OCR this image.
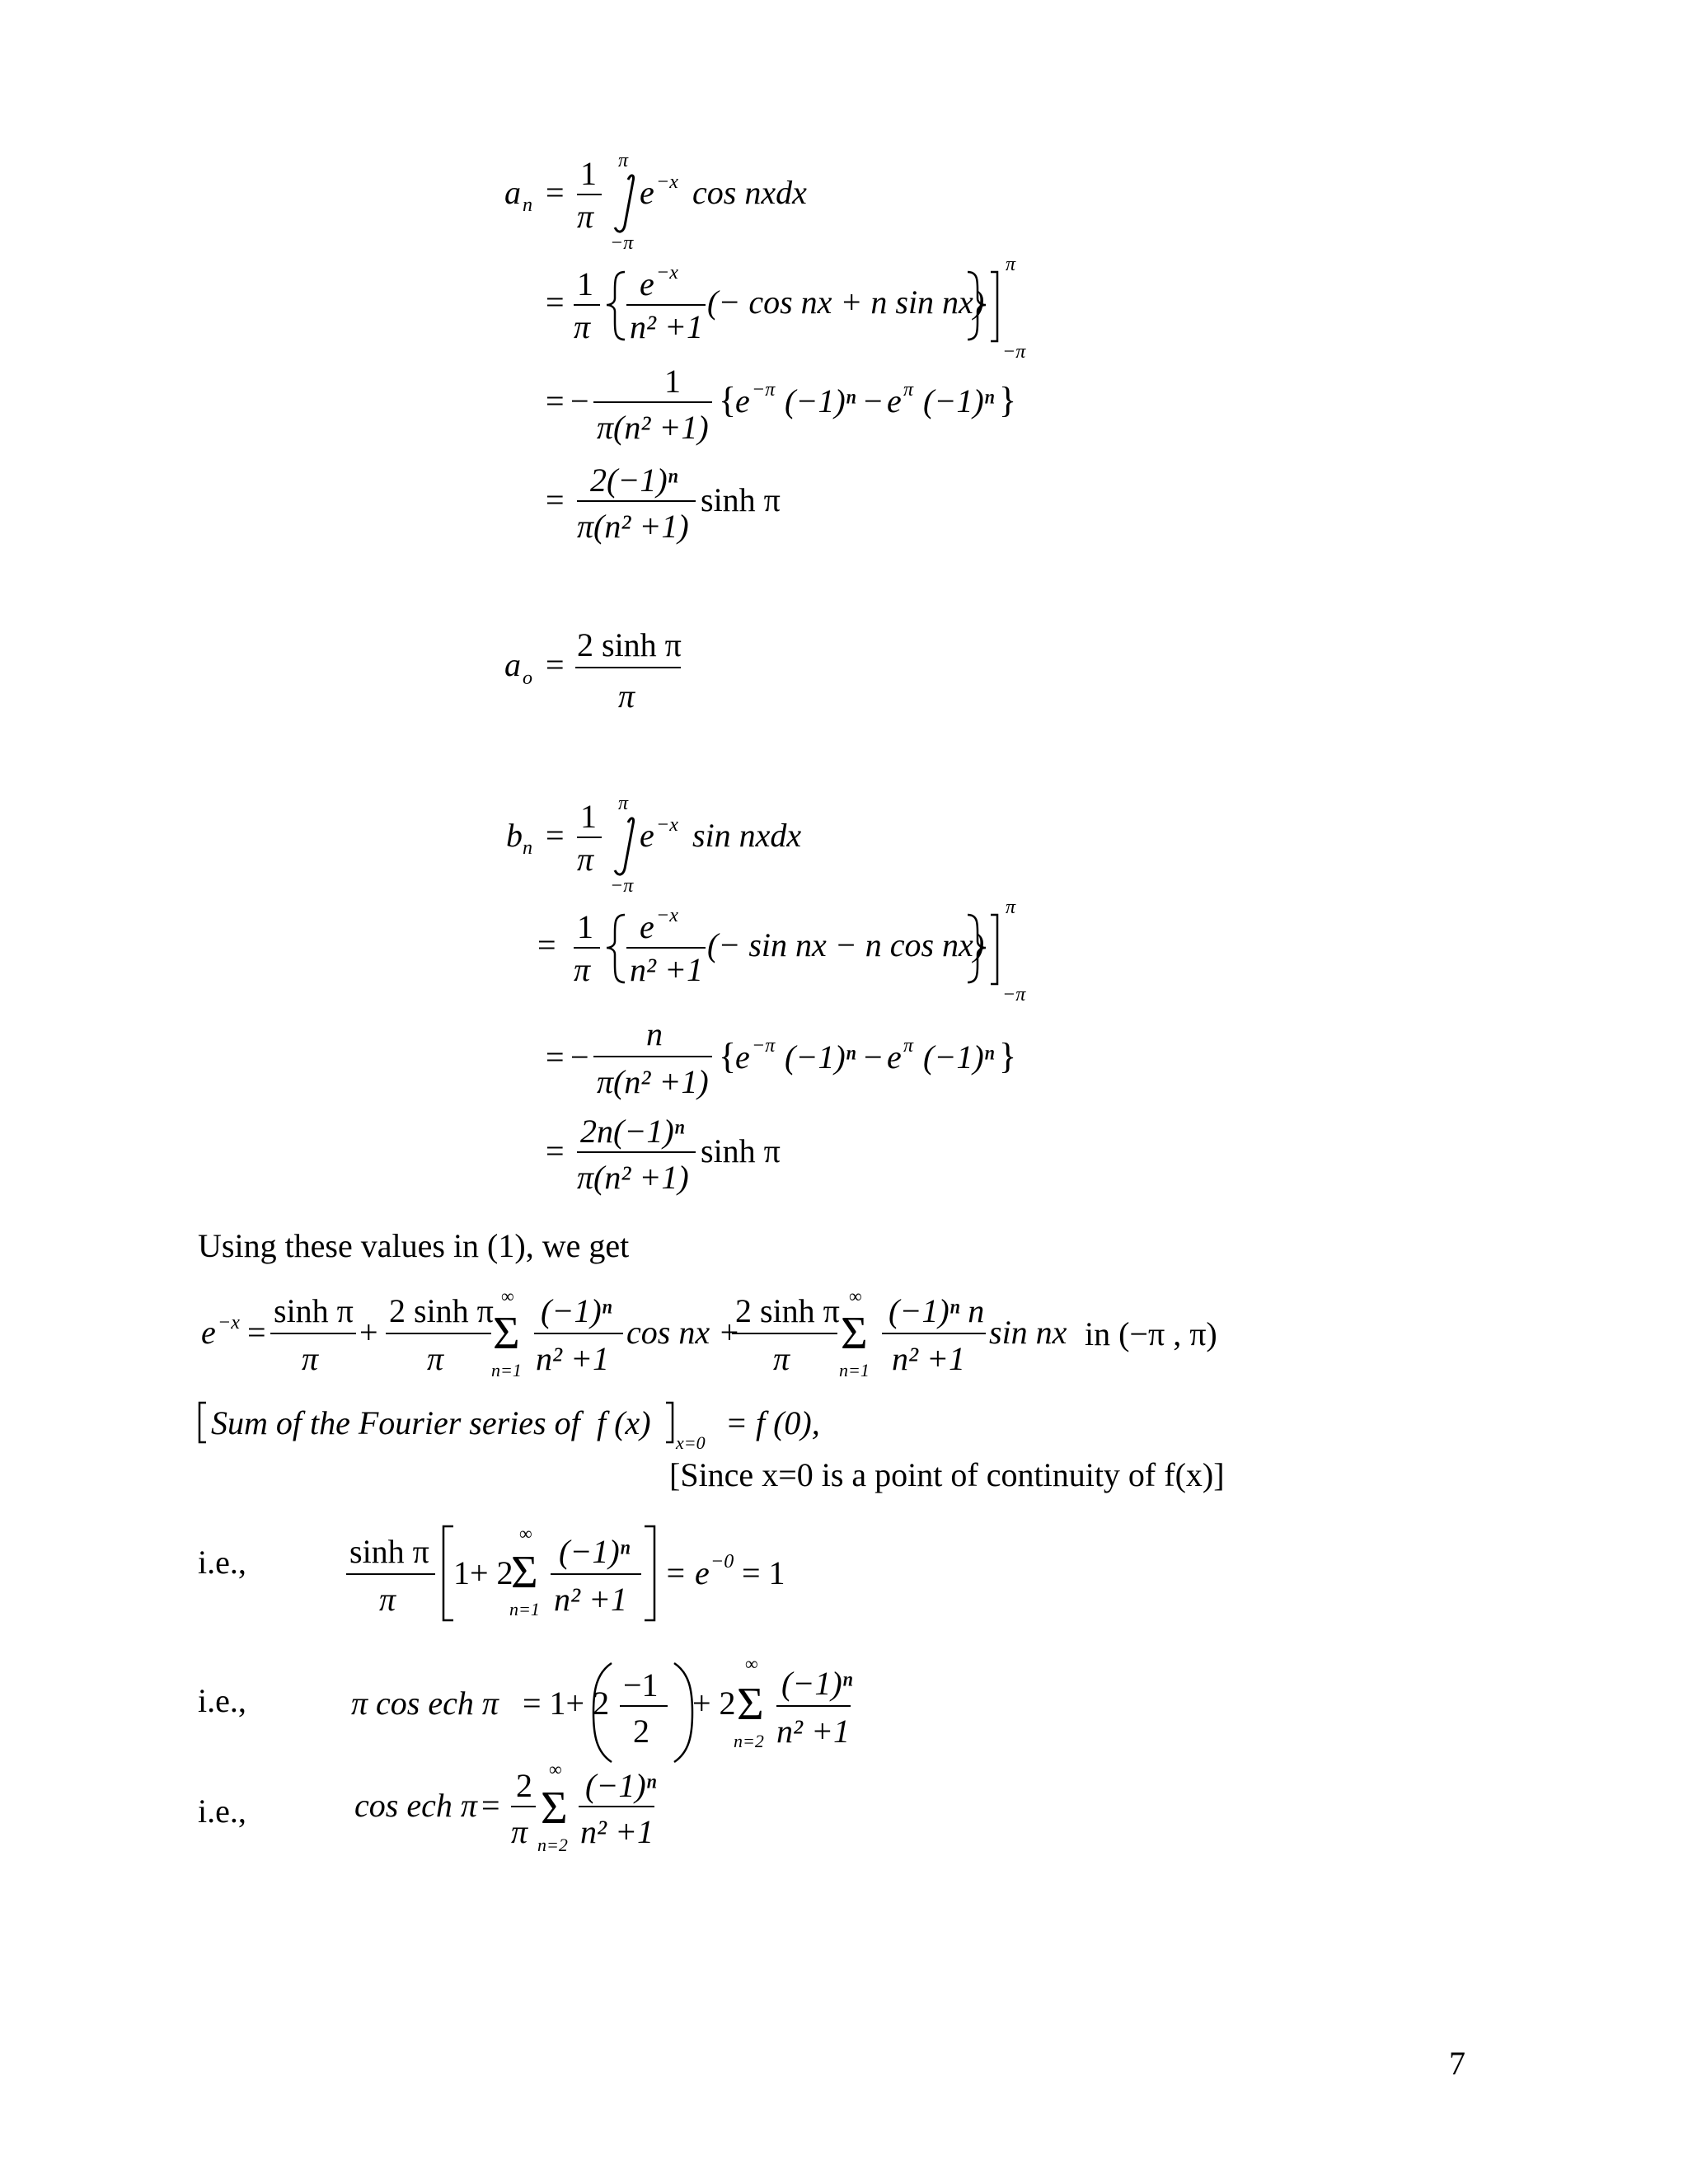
a n =
1
π
π
−π
e −x cos nxdx
= 1
π
e −x
n² +1
(− cos nx + n sin nx)
π
−π
= −
1
π(n² +1)
{
e −π (−1)ⁿ − e π (−1)ⁿ }
=
2(−1)ⁿ
π(n² +1)
sinh π
a o =
2 sinh π
π
b n =
1
π
π
−π
e −x sin nxdx
= 1
π
e −x
n² +1
(− sin nx − n cos nx)
π
−π
= −
n
π(n² +1)
{
e −π (−1)ⁿ − e π (−1)ⁿ }
=
2n(−1)ⁿ
π(n² +1)
sinh π
Using these values in (1), we get
e −x =
sinh π
π
+
2 sinh π
π
∞
Σ
n=1
(−1)ⁿ
n² +1
cos nx +
2 sinh π
π
∞
Σ
n=1
(−1)ⁿ n
n² +1
sin nx in (−π , π)
Sum of the Fourier series of f (x)
x=0
= f (0),
[Since x=0 is a point of continuity of f(x)]
i.e.,	sinh π
π
1+ 2
∞
Σ
n=1
(−1)ⁿ
n² +1
= e −0 = 1
i.e.,	π cos ech π = 1+ 2 −1
2
+ 2
∞
Σ
n=2
(−1)ⁿ
n² +1
i.e.,	cos ech π =
2
π
∞
Σ
n=2
(−1)ⁿ
n² +1
7
